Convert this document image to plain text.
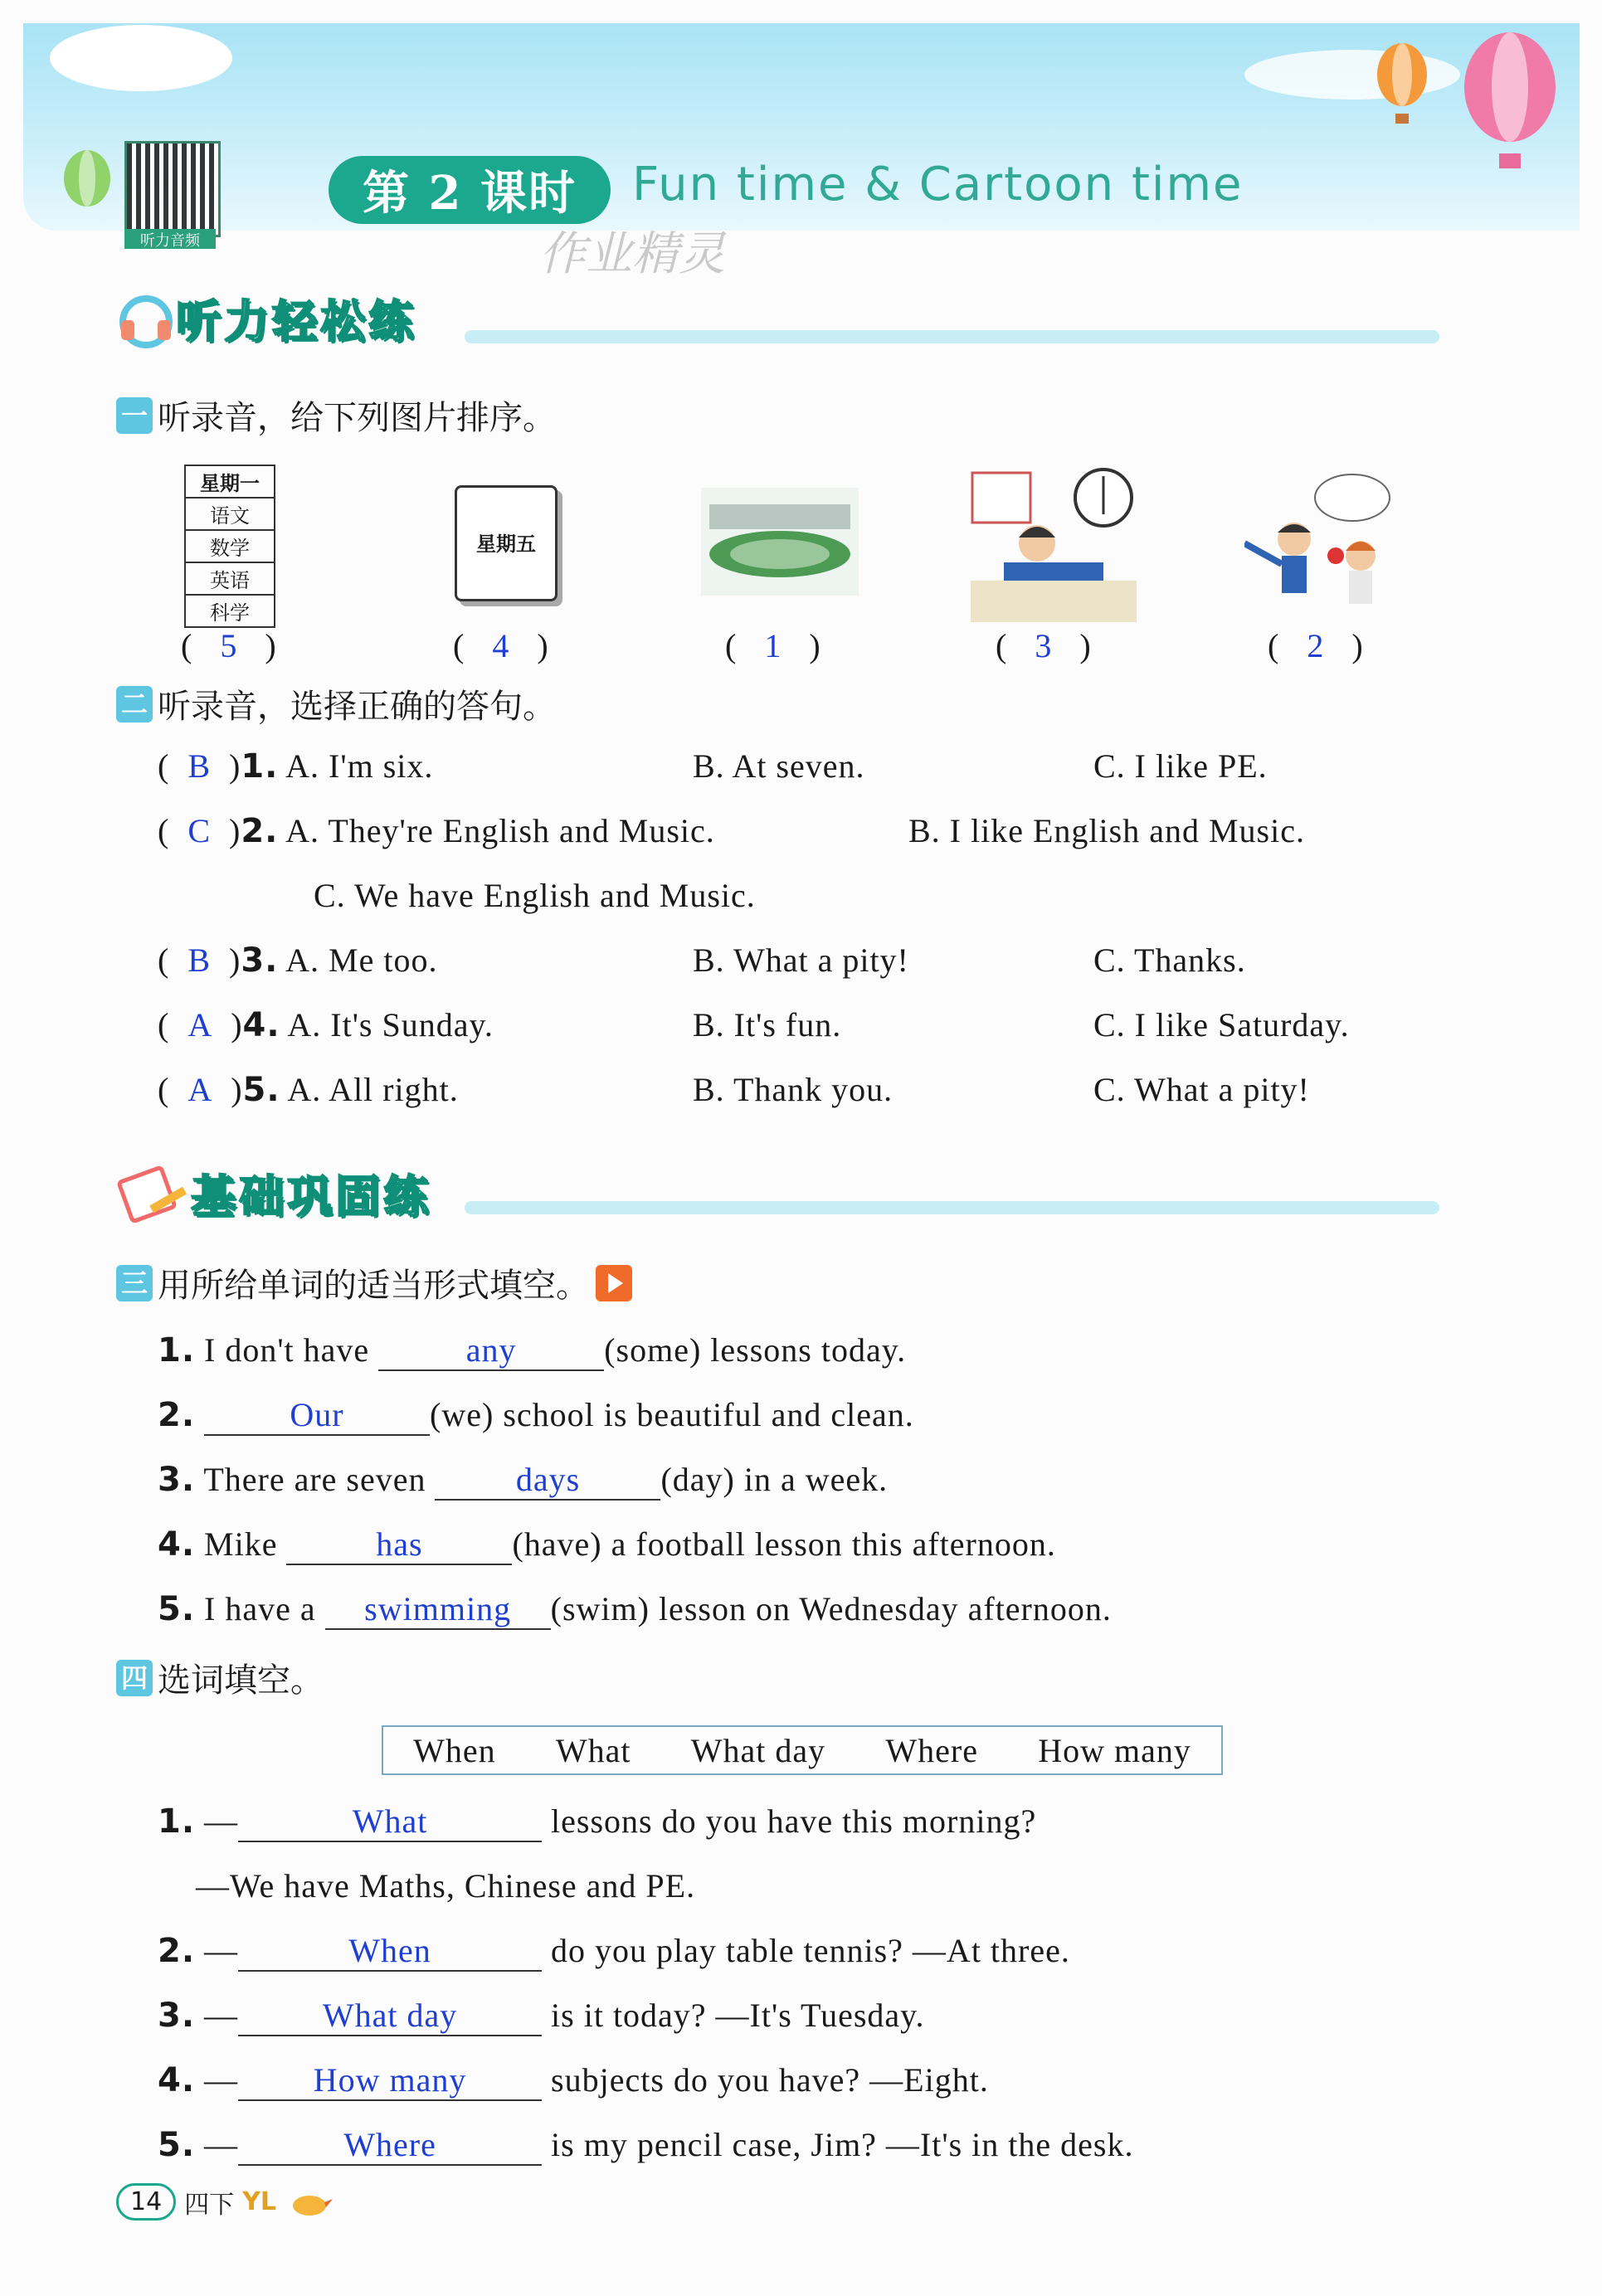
听力音频
第 2 课时	Fun time & Cartoon time
作业精灵
听力轻松练
一 听录音，给下列图片排序。
星期一
语文
数学
英语
科学
星期五
(   5   )	(   4   )	(   1   )	(   3   )	(   2   )
二 听录音，选择正确的答句。
(  B  )1. A. I'm six.	B. At seven.	C. I like PE.
(  C  )2. A. They're English and Music.	B. I like English and Music.
C. We have English and Music.
(  B  )3. A. Me too.	B. What a pity!	C. Thanks.
(  A  )4. A. It's Sunday.	B. It's fun.	C. I like Saturday.
(  A  )5. A. All right.	B. Thank you.	C. What a pity!
基础巩固练
三 用所给单词的适当形式填空。
1. I don't have	any	(some) lessons today.
2.	Our	(we) school is beautiful and clean.
3. There are seven	days (day) in a week.
4. Mike	has	(have) a football lesson this afternoon.
5. I have a swimming (swim) lesson on Wednesday afternoon.
四 选词填空。
When What What day Where How many
1. —	What	lessons do you have this morning?
—We have Maths, Chinese and PE.
2. —	When	do you play table tennis? —At three.
3. —	What day	is it today? —It's Tuesday.
4. — How many	subjects do you have? —Eight.
5. —	Where	is my pencil case, Jim? —It's in the desk.
14 四下 YL
